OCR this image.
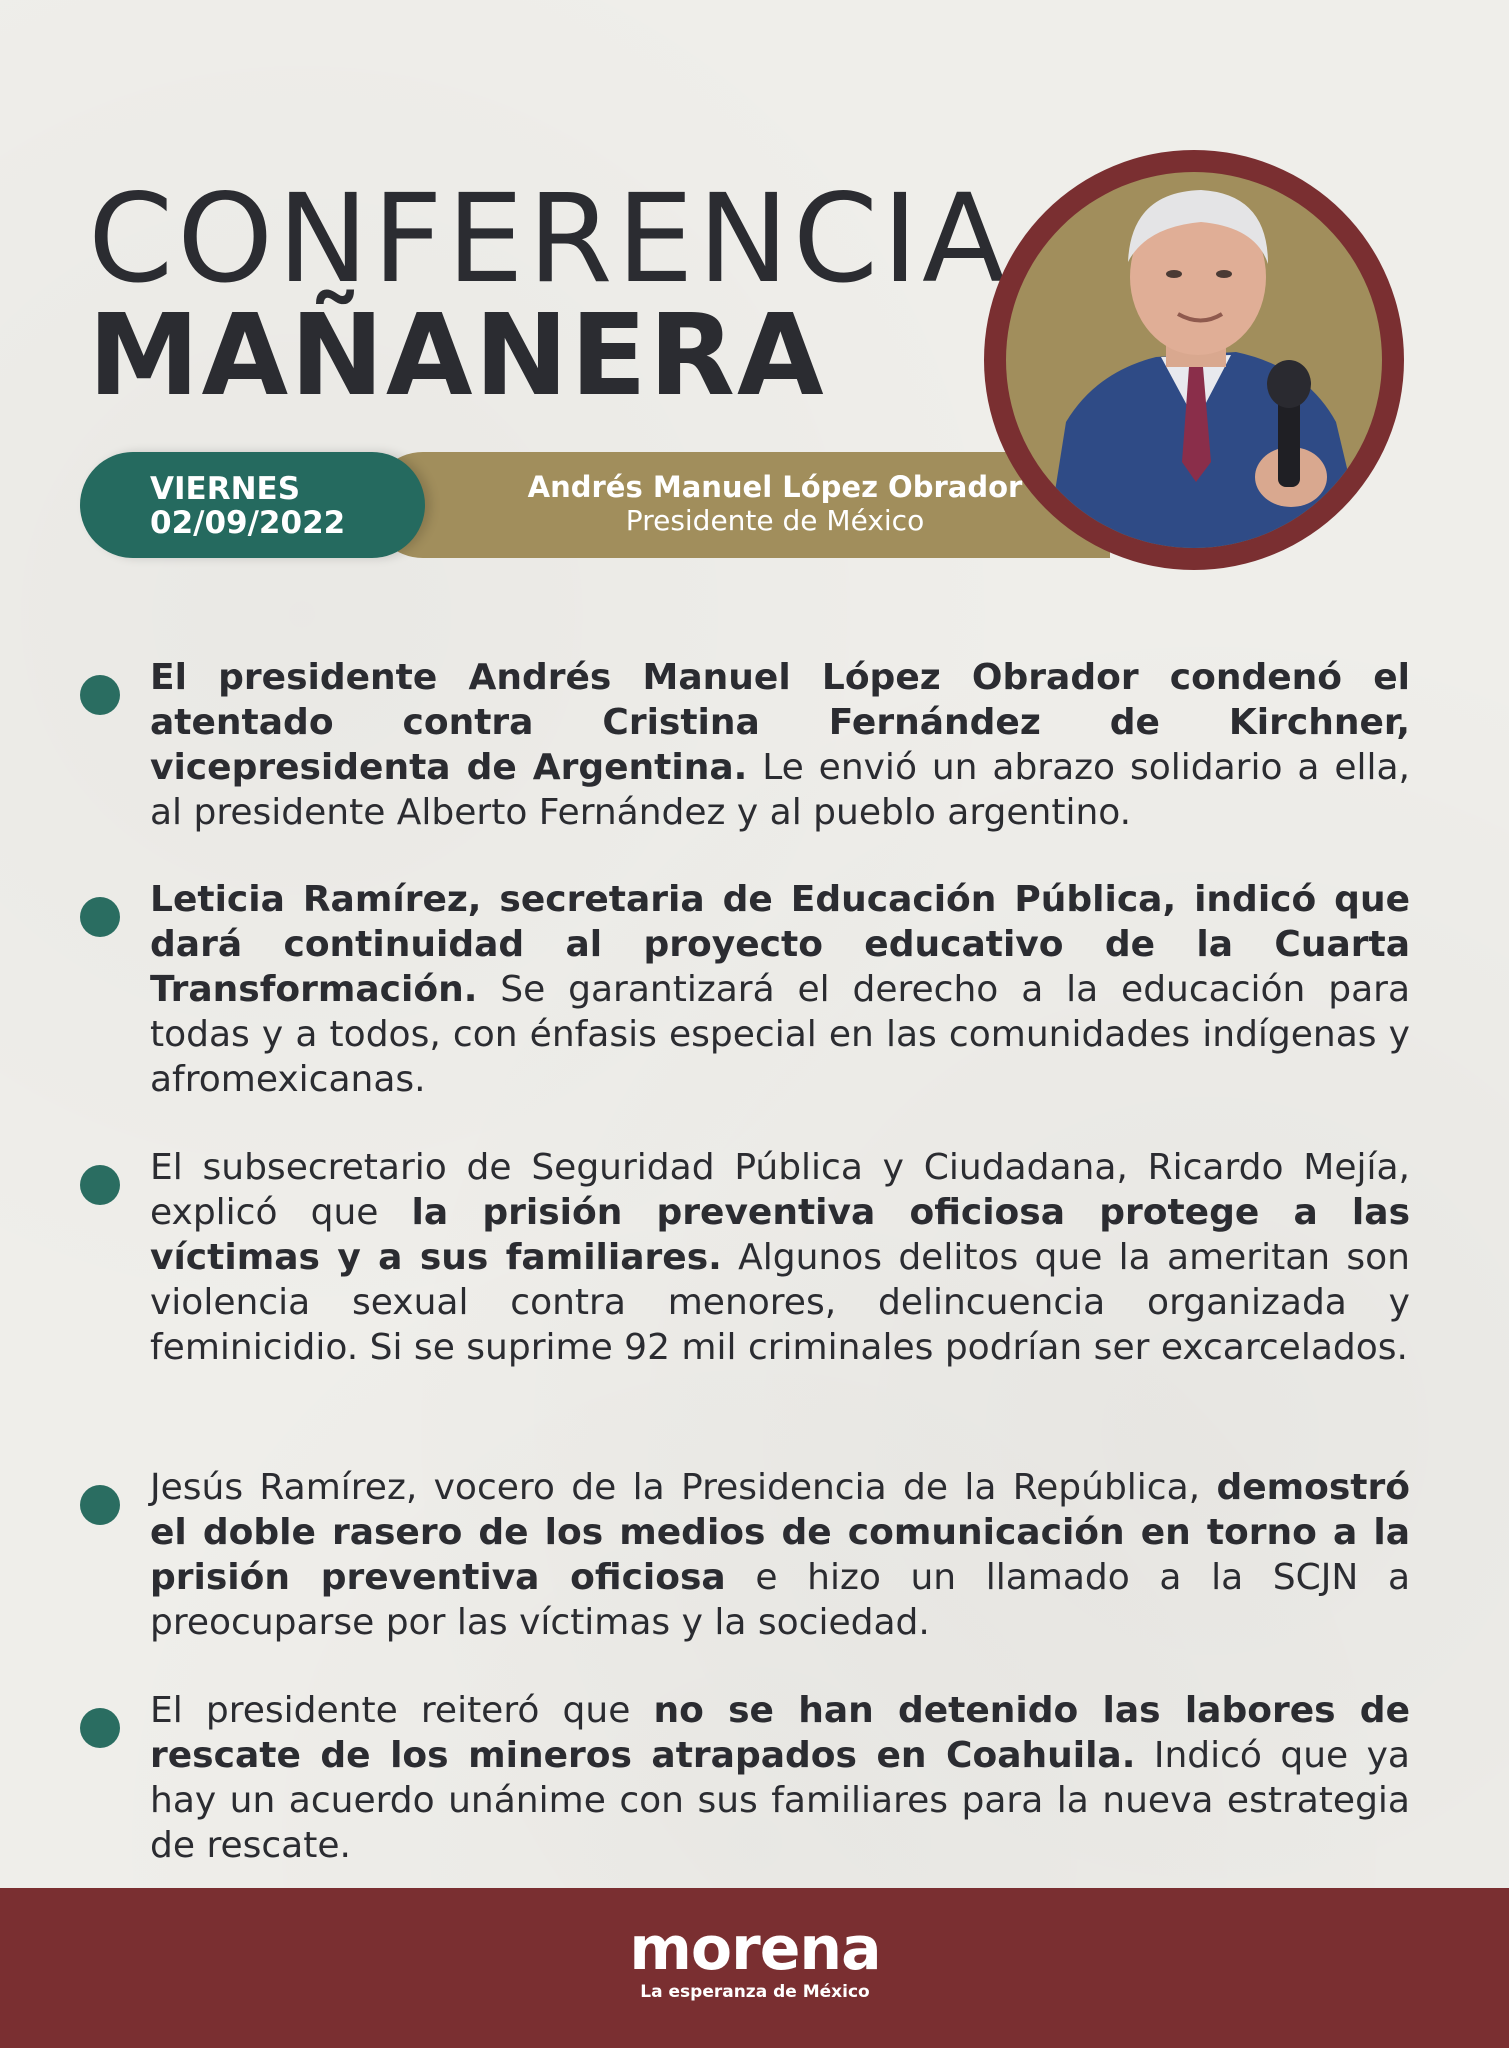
CONFERENCIA
MAÑANERA
VIERNES
02/09/2022
Andrés Manuel López Obrador
Presidente de México
El presidente Andrés Manuel López Obrador condenó el atentado contra Cristina Fernández de Kirchner, vicepresidenta de Argentina. Le envió un abrazo solidario a ella, al presidente Alberto Fernández y al pueblo argentino.
Leticia Ramírez, secretaria de Educación Pública, indicó que dará continuidad al proyecto educativo de la Cuarta Transformación. Se garantizará el derecho a la educación para todas y a todos, con énfasis especial en las comunidades indígenas y afromexicanas.
El subsecretario de Seguridad Pública y Ciudadana, Ricardo Mejía, explicó que la prisión preventiva oficiosa protege a las víctimas y a sus familiares. Algunos delitos que la ameritan son violencia sexual contra menores, delincuencia organizada y feminicidio. Si se suprime 92 mil criminales podrían ser excarcelados.
Jesús Ramírez, vocero de la Presidencia de la República, demostró el doble rasero de los medios de comunicación en torno a la prisión preventiva oficiosa e hizo un llamado a la SCJN a preocuparse por las víctimas y la sociedad.
El presidente reiteró que no se han detenido las labores de rescate de los mineros atrapados en Coahuila. Indicó que ya hay un acuerdo unánime con sus familiares para la nueva estrategia de rescate.
morena
La esperanza de México
